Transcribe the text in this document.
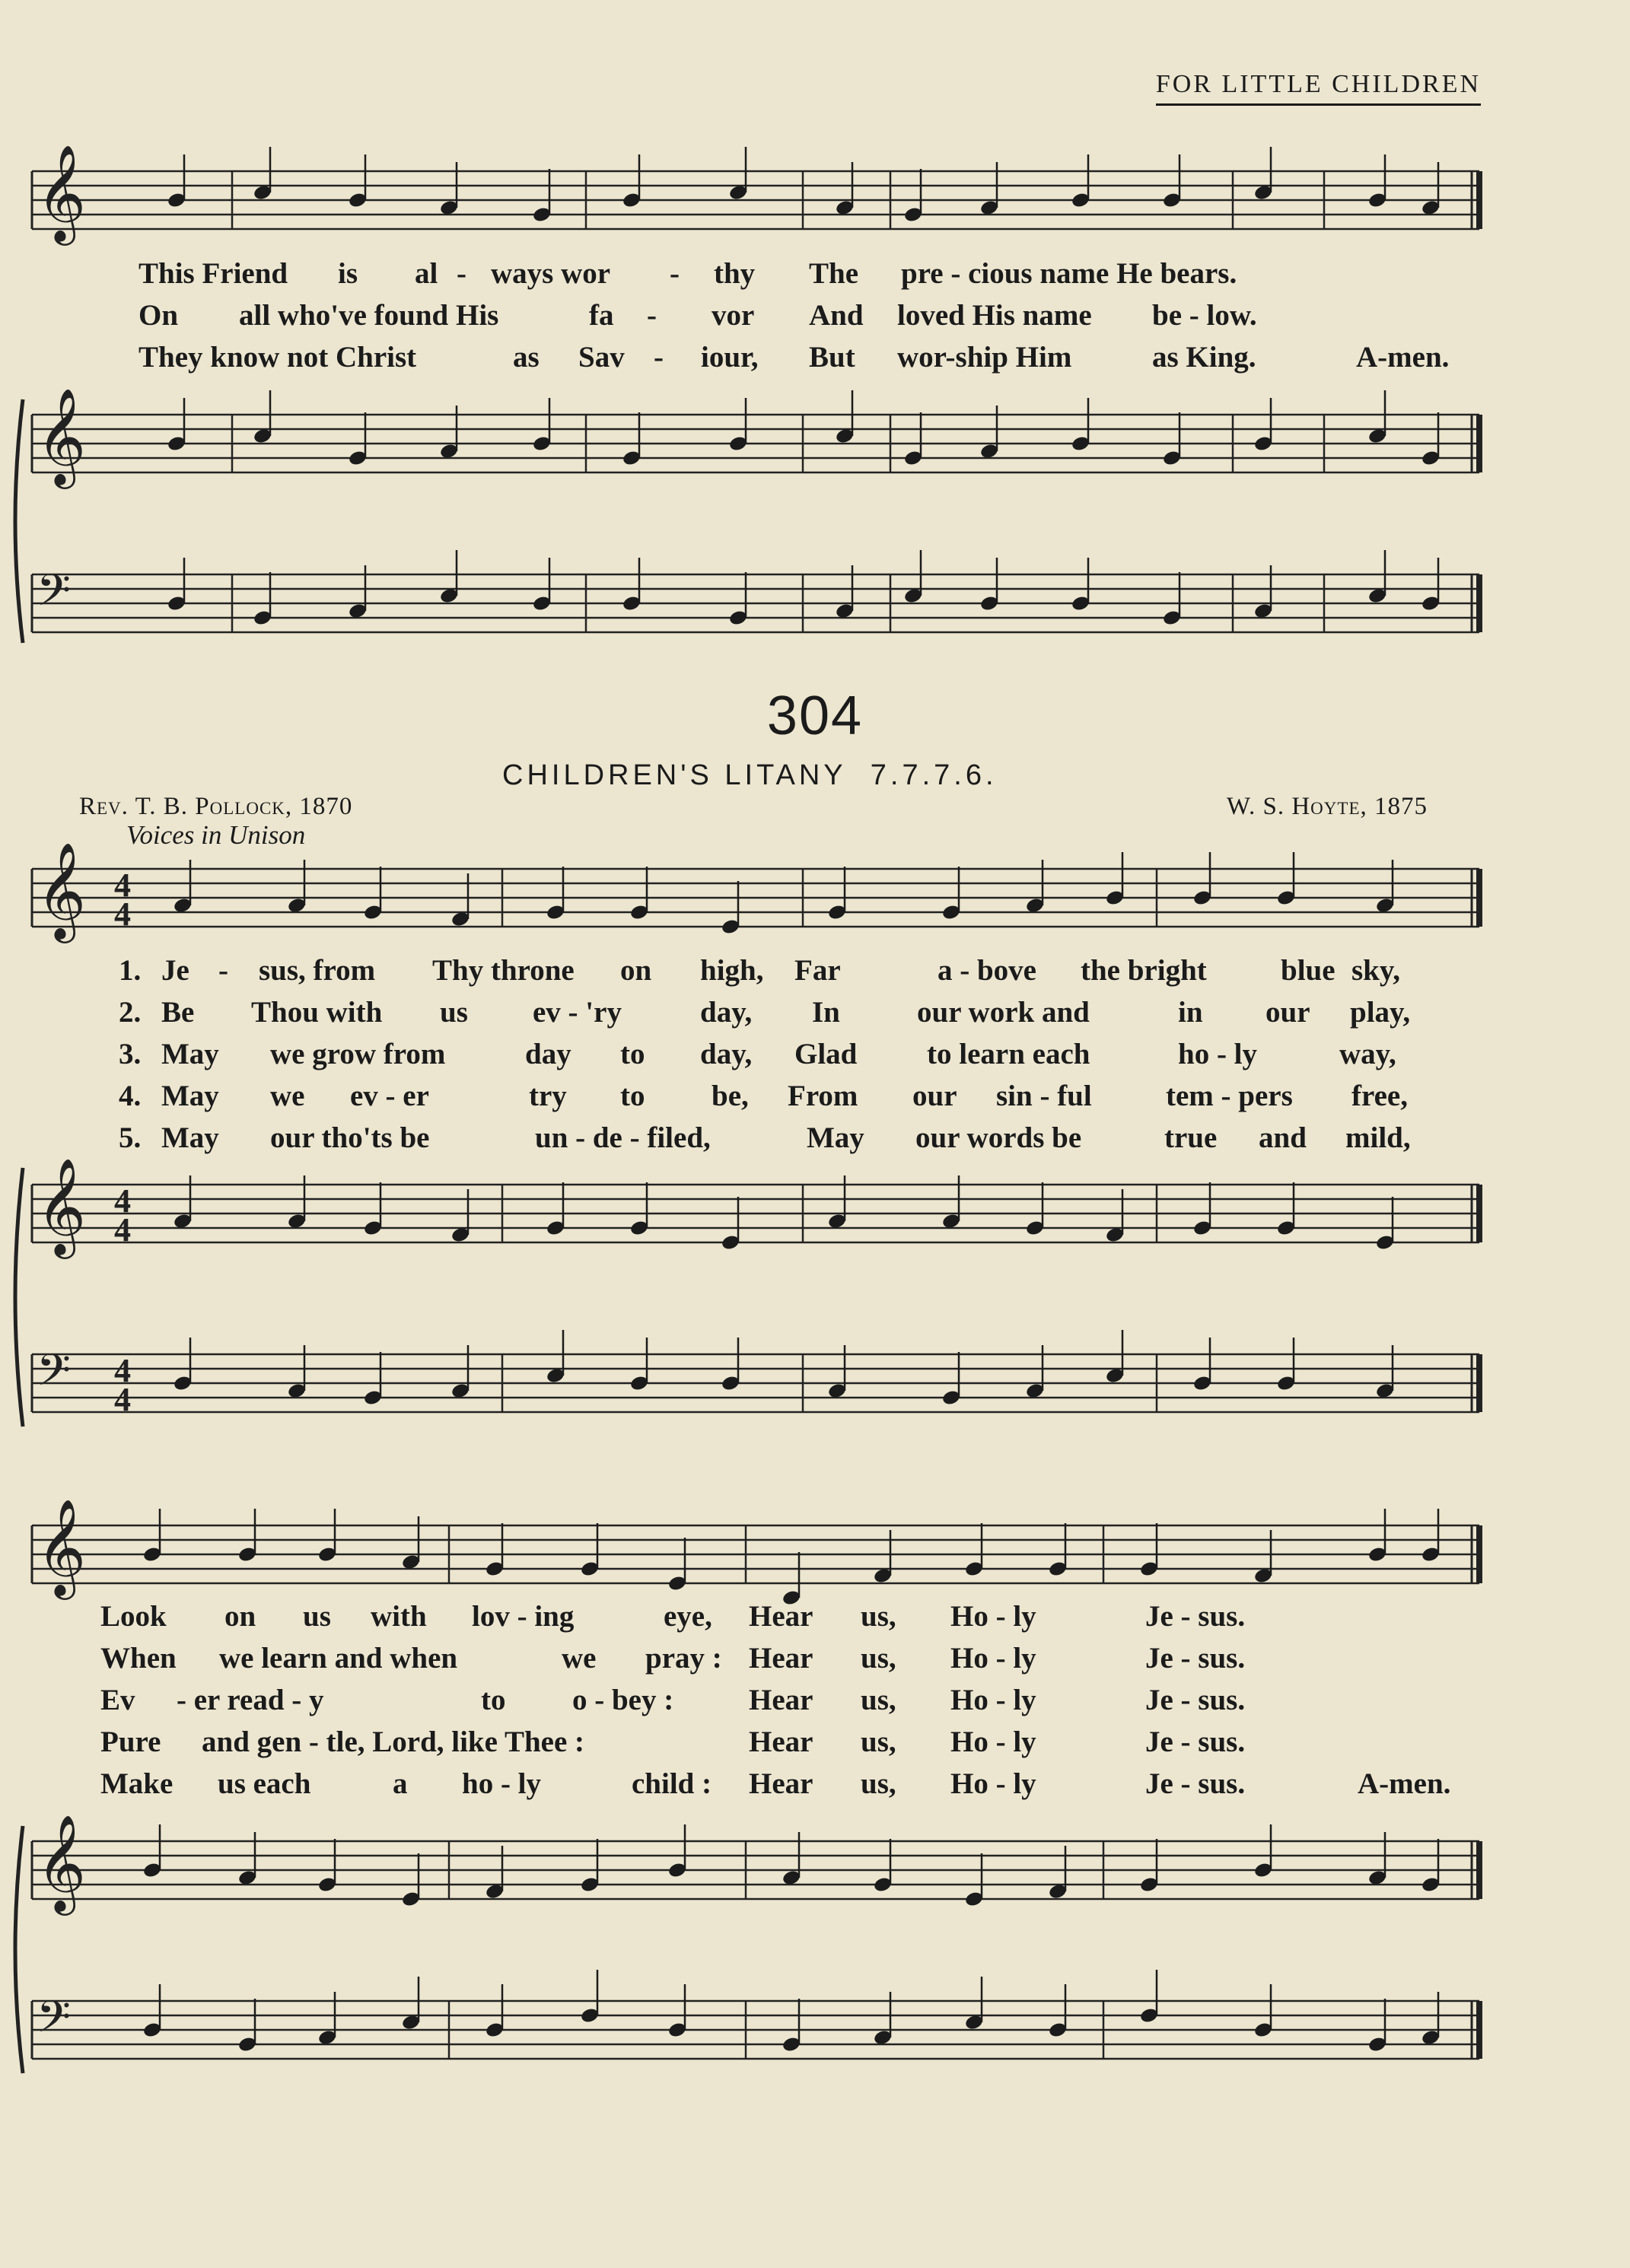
FOR LITTLE CHILDREN
𝄞
This Friend is al - ways wor - thy The pre - cious name He bears.
On all who've found His	fa - vor And loved His name be - low.
They know not Christ	as Sav - iour, But wor-ship Him	as King.	A-men.
𝄞
𝄢
304
CHILDREN'S LITANY 7.7.7.6.
Rev. T. B. Pollock, 1870	W. S. Hoyte, 1875
Voices in Unison
𝄞 4
4
1. Je - sus, from Thy throne on high, Far	a - bove the bright blue sky,
2. Be Thou with us ev - 'ry	day, In	our work and	in our play,
3. May we grow from	day to day, Glad to learn each	ho - ly	way,
4. May we ev - er	try to be, From our sin - ful tem - pers free,
5. May our tho'ts be	un - de - filed,	May our words be	true and mild,
𝄞 4
4
𝄢 4
4
𝄞
Look on us with lov - ing	eye, Hear us, Ho - ly	Je - sus.
When we learn and when	we pray : Hear us, Ho - ly	Je - sus.
Ev - er read - y	to o - bey :	Hear us, Ho - ly	Je - sus.
Pure and gen - tle, Lord, like Thee :	Hear us, Ho - ly	Je - sus.
Make us each	a ho - ly	child : Hear us, Ho - ly	Je - sus.	A-men.
𝄞
𝄢
